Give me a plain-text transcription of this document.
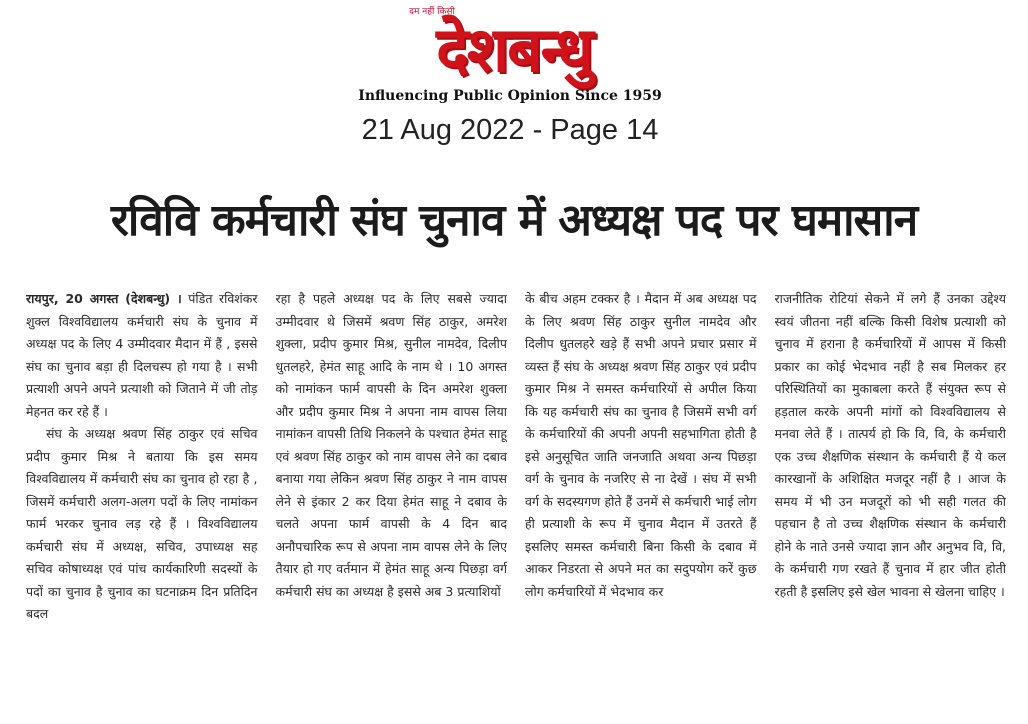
दम नहीं किसी
देशबन्धु
Influencing Public Opinion Since 1959
21 Aug 2022 - Page 14
रविवि कर्मचारी संघ चुनाव में अध्यक्ष पद पर घमासान

रायपुर, 20 अगस्त (देशबन्धु) । पंडित रविशंकर शुक्ल विश्वविद्यालय कर्मचारी संघ के चुनाव में अध्यक्ष पद के लिए 4 उम्मीदवार मैदान में हैं , इससे संघ का चुनाव बड़ा ही दिलचस्प हो गया है । सभी प्रत्याशी अपने अपने प्रत्याशी को जिताने में जी तोड़ मेहनत कर रहे हैं ।

संघ के अध्यक्ष श्रवण सिंह ठाकुर एवं सचिव प्रदीप कुमार मिश्र ने बताया कि इस समय विश्वविद्यालय में कर्मचारी संघ का चुनाव हो रहा है , जिसमें कर्मचारी अलग-अलग पदों के लिए नामांकन फार्म भरकर चुनाव लड़ रहे हैं । विश्वविद्यालय कर्मचारी संघ में अध्यक्ष, सचिव, उपाध्यक्ष सह सचिव कोषाध्यक्ष एवं पांच कार्यकारिणी सदस्यों के पदों का चुनाव है चुनाव का घटनाक्रम दिन प्रतिदिन बदल

रहा है पहले अध्यक्ष पद के लिए सबसे ज्यादा उम्मीदवार थे जिसमें श्रवण सिंह ठाकुर, अमरेश शुक्ला, प्रदीप कुमार मिश्र, सुनील नामदेव, दिलीप धुतलहरे, हेमंत साहू आदि के नाम थे । 10 अगस्त को नामांकन फार्म वापसी के दिन अमरेश शुक्ला और प्रदीप कुमार मिश्र ने अपना नाम वापस लिया नामांकन वापसी तिथि निकलने के पश्चात हेमंत साहू एवं श्रवण सिंह ठाकुर को नाम वापस लेने का दबाव बनाया गया लेकिन श्रवण सिंह ठाकुर ने नाम वापस लेने से इंकार 2 कर दिया हेमंत साहू ने दबाव के चलते अपना फार्म वापसी के 4 दिन बाद अनौपचारिक रूप से अपना नाम वापस लेने के लिए तैयार हो गए वर्तमान में हेमंत साहू अन्य पिछड़ा वर्ग कर्मचारी संघ का अध्यक्ष है इससे अब 3 प्रत्याशियों

के बीच अहम टक्कर है । मैदान में अब अध्यक्ष पद के लिए श्रवण सिंह ठाकुर सुनील नामदेव और दिलीप धुतलहरे खड़े हैं सभी अपने प्रचार प्रसार में व्यस्त हैं संघ के अध्यक्ष श्रवण सिंह ठाकुर एवं प्रदीप कुमार मिश्र ने समस्त कर्मचारियों से अपील किया कि यह कर्मचारी संघ का चुनाव है जिसमें सभी वर्ग के कर्मचारियों की अपनी अपनी सहभागिता होती है इसे अनुसूचित जाति जनजाति अथवा अन्य पिछड़ा वर्ग के चुनाव के नजरिए से ना देखें । संघ में सभी वर्ग के सदस्यगण होते हैं उनमें से कर्मचारी भाई लोग ही प्रत्याशी के रूप में चुनाव मैदान में उतरते हैं इसलिए समस्त कर्मचारी बिना किसी के दबाव में आकर निडरता से अपने मत का सदुपयोग करें कुछ लोग कर्मचारियों में भेदभाव कर

राजनीतिक रोटियां सेकने में लगे हैं उनका उद्देश्य स्वयं जीतना नहीं बल्कि किसी विशेष प्रत्याशी को चुनाव में हराना है कर्मचारियों में आपस में किसी प्रकार का कोई भेदभाव नहीं है सब मिलकर हर परिस्थितियों का मुकाबला करते हैं संयुक्त रूप से हड़ताल करके अपनी मांगों को विश्वविद्यालय से मनवा लेते हैं । तात्पर्य हो कि वि, वि, के कर्मचारी एक उच्च शैक्षणिक संस्थान के कर्मचारी हैं ये कल कारखानों के अशिक्षित मजदूर नहीं है । आज के समय में भी उन मजदूरों को भी सही गलत की पहचान है तो उच्च शैक्षणिक संस्थान के कर्मचारी होने के नाते उनसे ज्यादा ज्ञान और अनुभव वि, वि, के कर्मचारी गण रखते हैं चुनाव में हार जीत होती रहती है इसलिए इसे खेल भावना से खेलना चाहिए ।
